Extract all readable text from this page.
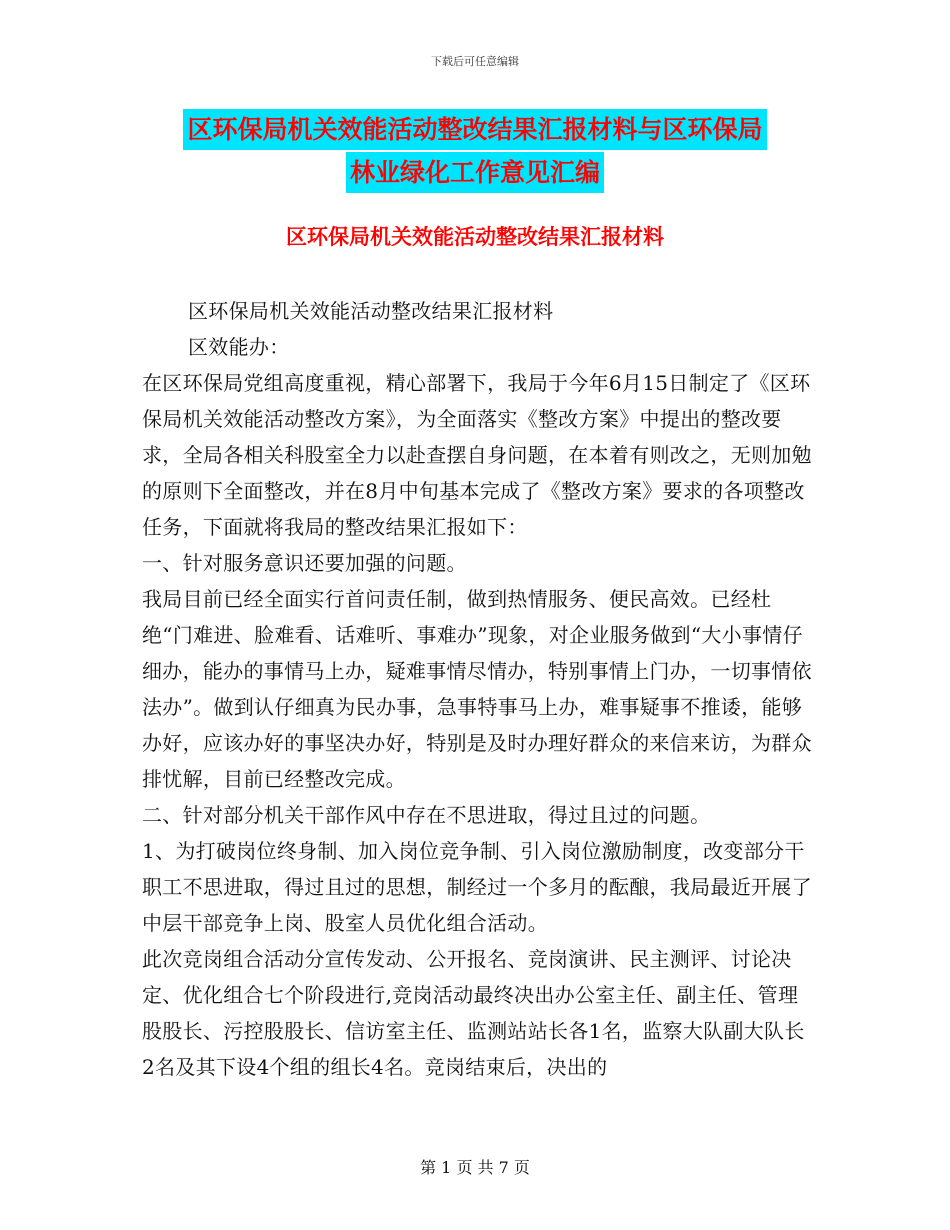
下载后可任意编辑
区环保局机关效能活动整改结果汇报材料与区环保局
林业绿化工作意见汇编
区环保局机关效能活动整改结果汇报材料

区环保局机关效能活动整改结果汇报材料

区效能办：

在区环保局党组高度重视，精心部署下，我局于今年6月15日制定了《区环保局机关效能活动整改方案》，为全面落实《整改方案》中提出的整改要求，全局各相关科股室全力以赴查摆自身问题，在本着有则改之，无则加勉的原则下全面整改，并在8月中旬基本完成了《整改方案》要求的各项整改任务，下面就将我局的整改结果汇报如下：

一、针对服务意识还要加强的问题。

我局目前已经全面实行首问责任制，做到热情服务、便民高效。已经杜绝“门难进、脸难看、话难听、事难办”现象，对企业服务做到“大小事情仔细办，能办的事情马上办，疑难事情尽情办，特别事情上门办，一切事情依法办”。做到认仔细真为民办事，急事特事马上办，难事疑事不推诿，能够办好，应该办好的事坚决办好，特别是及时办理好群众的来信来访，为群众排忧解，目前已经整改完成。

二、针对部分机关干部作风中存在不思进取，得过且过的问题。

1、为打破岗位终身制、加入岗位竞争制、引入岗位激励制度，改变部分干职工不思进取，得过且过的思想，制经过一个多月的酝酿，我局最近开展了中层干部竞争上岗、股室人员优化组合活动。

此次竞岗组合活动分宣传发动、公开报名、竞岗演讲、民主测评、讨论决定、优化组合七个阶段进行,竞岗活动最终决出办公室主任、副主任、管理股股长、污控股股长、信访室主任、监测站站长各1名，监察大队副大队长2名及其下设4个组的组长4名。竞岗结束后，决出的

第 1 页 共 7 页
